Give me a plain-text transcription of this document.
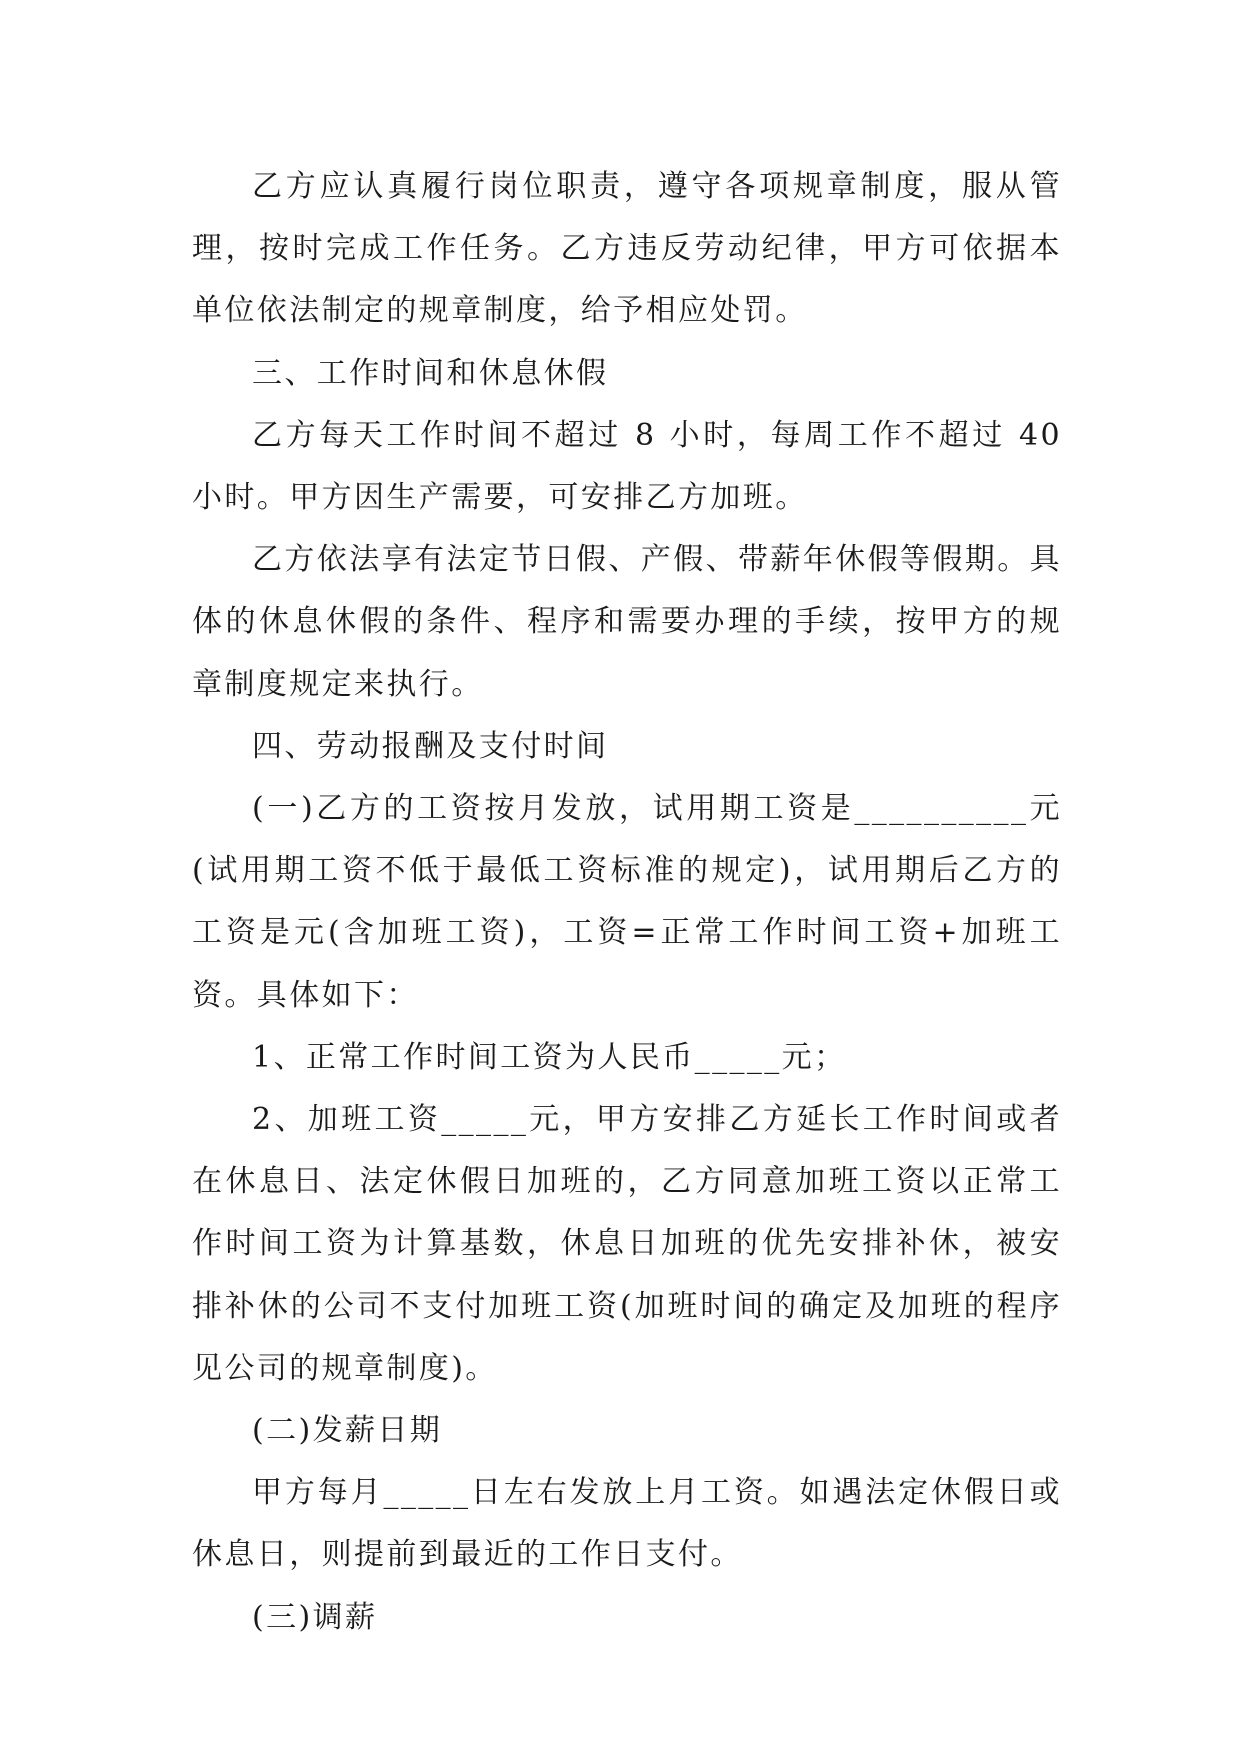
乙方应认真履行岗位职责，遵守各项规章制度，服从管理，按时完成工作任务。乙方违反劳动纪律，甲方可依据本单位依法制定的规章制度，给予相应处罚。

三、工作时间和休息休假

乙方每天工作时间不超过 8 小时，每周工作不超过 40 小时。甲方因生产需要，可安排乙方加班。

乙方依法享有法定节日假、产假、带薪年休假等假期。具体的休息休假的条件、程序和需要办理的手续，按甲方的规章制度规定来执行。

四、劳动报酬及支付时间

(一)乙方的工资按月发放，试用期工资是__________元(试用期工资不低于最低工资标准的规定)，试用期后乙方的工资是元(含加班工资)，工资=正常工作时间工资+加班工资。具体如下：

1、正常工作时间工资为人民币_____元；

2、加班工资_____元，甲方安排乙方延长工作时间或者在休息日、法定休假日加班的，乙方同意加班工资以正常工作时间工资为计算基数，休息日加班的优先安排补休，被安排补休的公司不支付加班工资(加班时间的确定及加班的程序见公司的规章制度)。

(二)发薪日期

甲方每月_____日左右发放上月工资。如遇法定休假日或休息日，则提前到最近的工作日支付。

(三)调薪
